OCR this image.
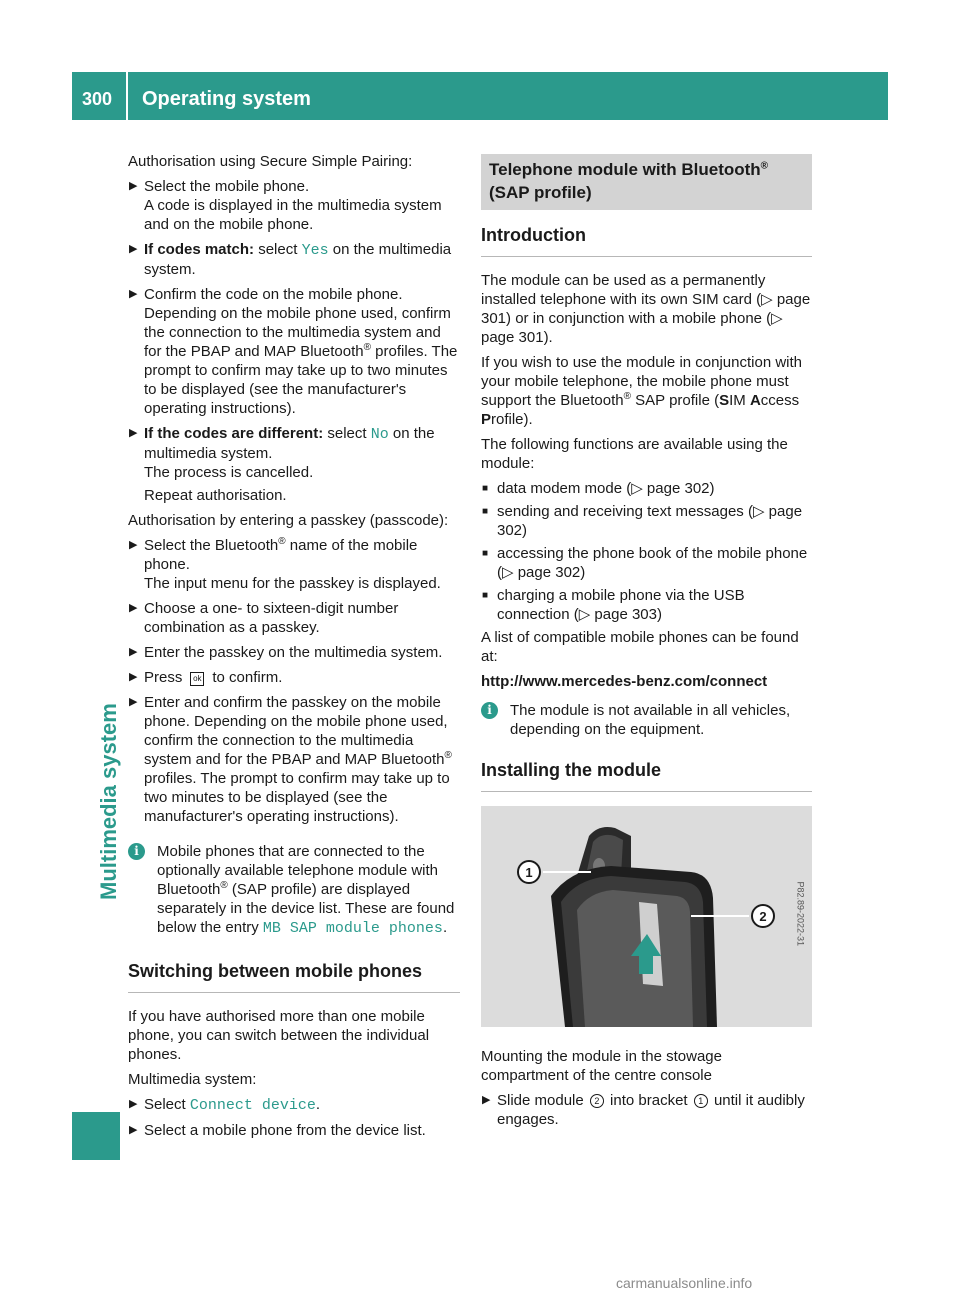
300 Operating system
Multimedia system

Authorisation using Secure Simple Pairing:

▶ Select the mobile phone.
A code is displayed in the multimedia system and on the mobile phone.
▶ If codes match: select Yes on the multimedia system.
▶ Confirm the code on the mobile phone.
Depending on the mobile phone used, confirm the connection to the multimedia system and for the PBAP and MAP Bluetooth® profiles. The prompt to confirm may take up to two minutes to be displayed (see the manufacturer's operating instructions).
▶ If the codes are different: select No on the multimedia system.
The process is cancelled.
Repeat authorisation.

Authorisation by entering a passkey (passcode):

▶ Select the Bluetooth® name of the mobile phone.
The input menu for the passkey is displayed.
▶ Choose a one- to sixteen-digit number combination as a passkey.
▶ Enter the passkey on the multimedia system.
▶ Press ok to confirm.
▶ Enter and confirm the passkey on the mobile phone. Depending on the mobile phone used, confirm the connection to the multimedia system and for the PBAP and MAP Bluetooth® profiles. The prompt to confirm may take up to two minutes to be displayed (see the manufacturer's operating instructions).
i	Mobile phones that are connected to the optionally available telephone module with Bluetooth® (SAP profile) are displayed separately in the device list. These are found below the entry MB SAP module phones.
Switching between mobile phones

If you have authorised more than one mobile phone, you can switch between the individual phones.

Multimedia system:

▶ Select Connect device.
▶ Select a mobile phone from the device list.
Telephone module with Bluetooth®
(SAP profile)
Introduction

The module can be used as a permanently installed telephone with its own SIM card (▷ page 301) or in conjunction with a mobile phone (▷ page 301).

If you wish to use the module in conjunction with your mobile telephone, the mobile phone must support the Bluetooth® SAP profile (SIM Access
Profile).

The following functions are available using the module:

■ data modem mode (▷ page 302)
■ sending and receiving text messages (▷ page 302)
■ accessing the phone book of the mobile phone (▷ page 302)
■ charging a mobile phone via the USB connection (▷ page 303)

A list of compatible mobile phones can be found at:

http://www.mercedes-benz.com/connect

i	The module is not available in all vehicles, depending on the equipment.
Installing the module
1
2	P82.89-2022-31

Mounting the module in the stowage compartment of the centre console

▶ Slide module 2 into bracket 1 until it audibly engages.
carmanualsonline.info
